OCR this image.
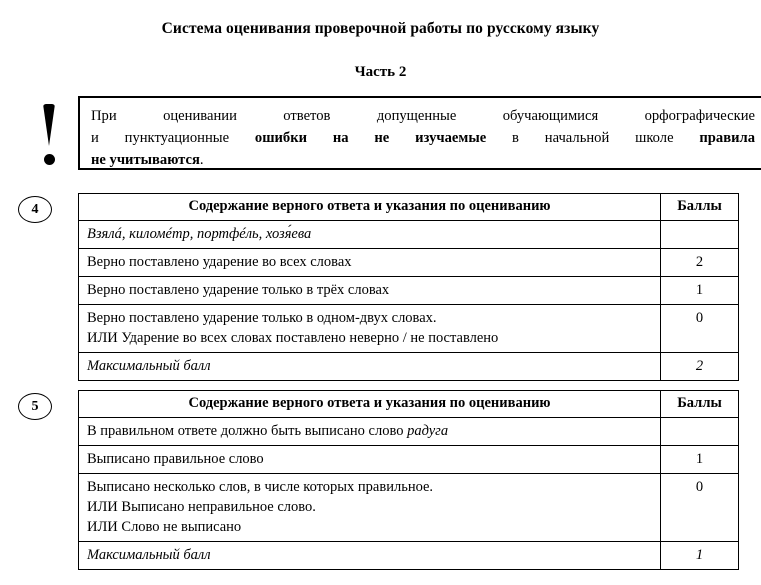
Система оценивания проверочной работы по русскому языку
Часть 2
При оценивании ответов допущенные обучающимися орфографические
и пунктуационные ошибки на не изучаемые в начальной школе правила
не учитываются.
4	Содержание верного ответа и указания по оцениванию	Баллы
Взялá, киломéтр, портфéль, хозя́ева	
Верно поставлено ударение во всех словах	2
Верно поставлено ударение только в трёх словах	1

Верно поставлено ударение только в одном-двух словах.
ИЛИ Ударение во всех словах поставлено неверно / не поставлено	0
Максимальный балл	2
5	Содержание верного ответа и указания по оцениванию	Баллы
В правильном ответе должно быть выписано слово радуга	
Выписано правильное слово	1

Выписано несколько слов, в числе которых правильное.
ИЛИ Выписано неправильное слово.
ИЛИ Слово не выписано	0
Максимальный балл	1
